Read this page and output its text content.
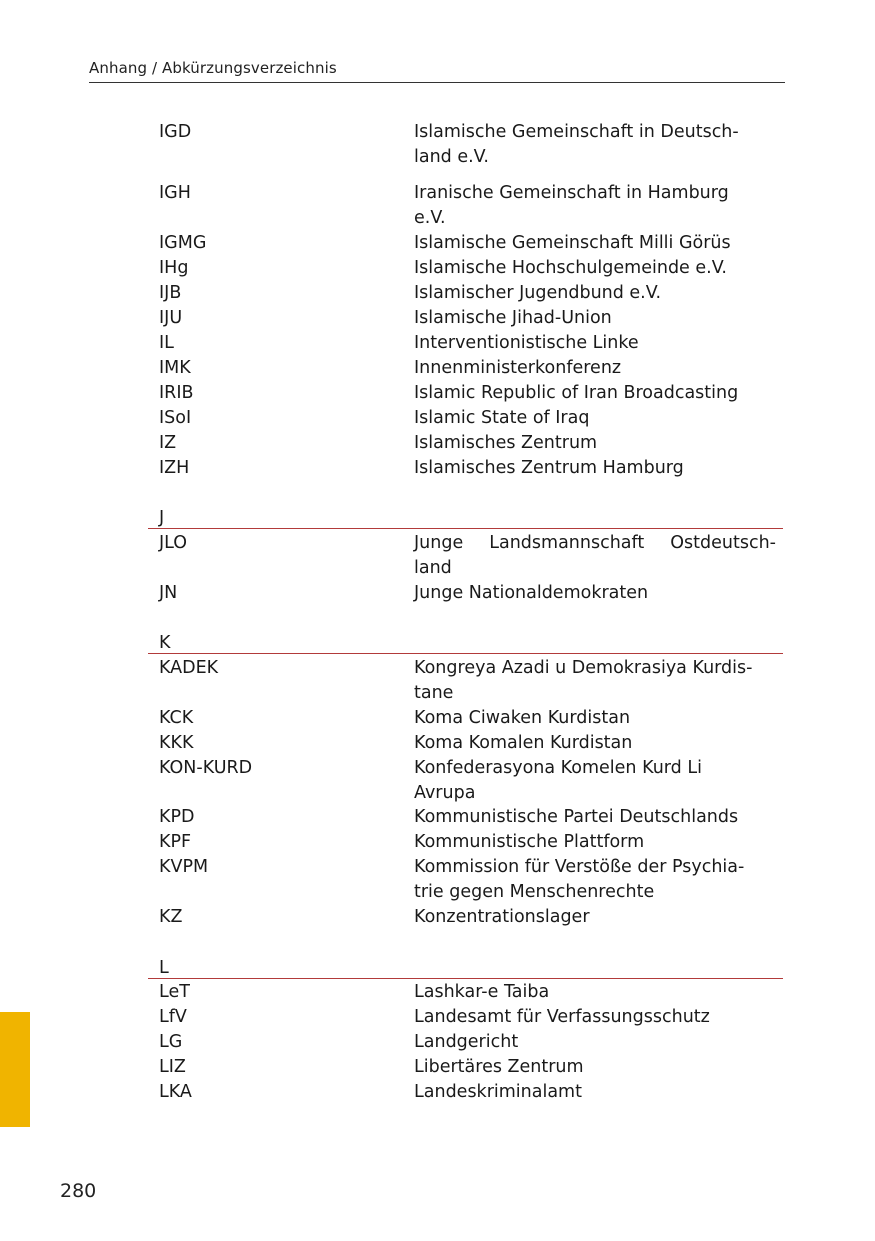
Anhang / Abkürzungsverzeichnis
IGD	Islamische Gemeinschaft in Deutsch-
land e.V.
IGH	Iranische Gemeinschaft in Hamburg
e.V.
IGMG	Islamische Gemeinschaft Milli Görüs
IHg	Islamische Hochschulgemeinde e.V.
IJB	Islamischer Jugendbund e.V.
IJU	Islamische Jihad-Union
IL	Interventionistische Linke
IMK	Innenministerkonferenz
IRIB	Islamic Republic of Iran Broadcasting
ISoI	Islamic State of Iraq
IZ	Islamisches Zentrum
IZH	Islamisches Zentrum Hamburg
J
JLO	Junge Landsmannschaft Ostdeutsch-
land
JN	Junge Nationaldemokraten
K
KADEK	Kongreya Azadi u Demokrasiya Kurdis-
tane
KCK	Koma Ciwaken Kurdistan
KKK	Koma Komalen Kurdistan
KON-KURD	Konfederasyona Komelen Kurd Li
Avrupa
KPD	Kommunistische Partei Deutschlands
KPF	Kommunistische Plattform
KVPM	Kommission für Verstöße der Psychia-
trie gegen Menschenrechte
KZ	Konzentrationslager
L
LeT	Lashkar-e Taiba
LfV	Landesamt für Verfassungsschutz
LG	Landgericht
LIZ	Libertäres Zentrum
LKA	Landeskriminalamt
280
